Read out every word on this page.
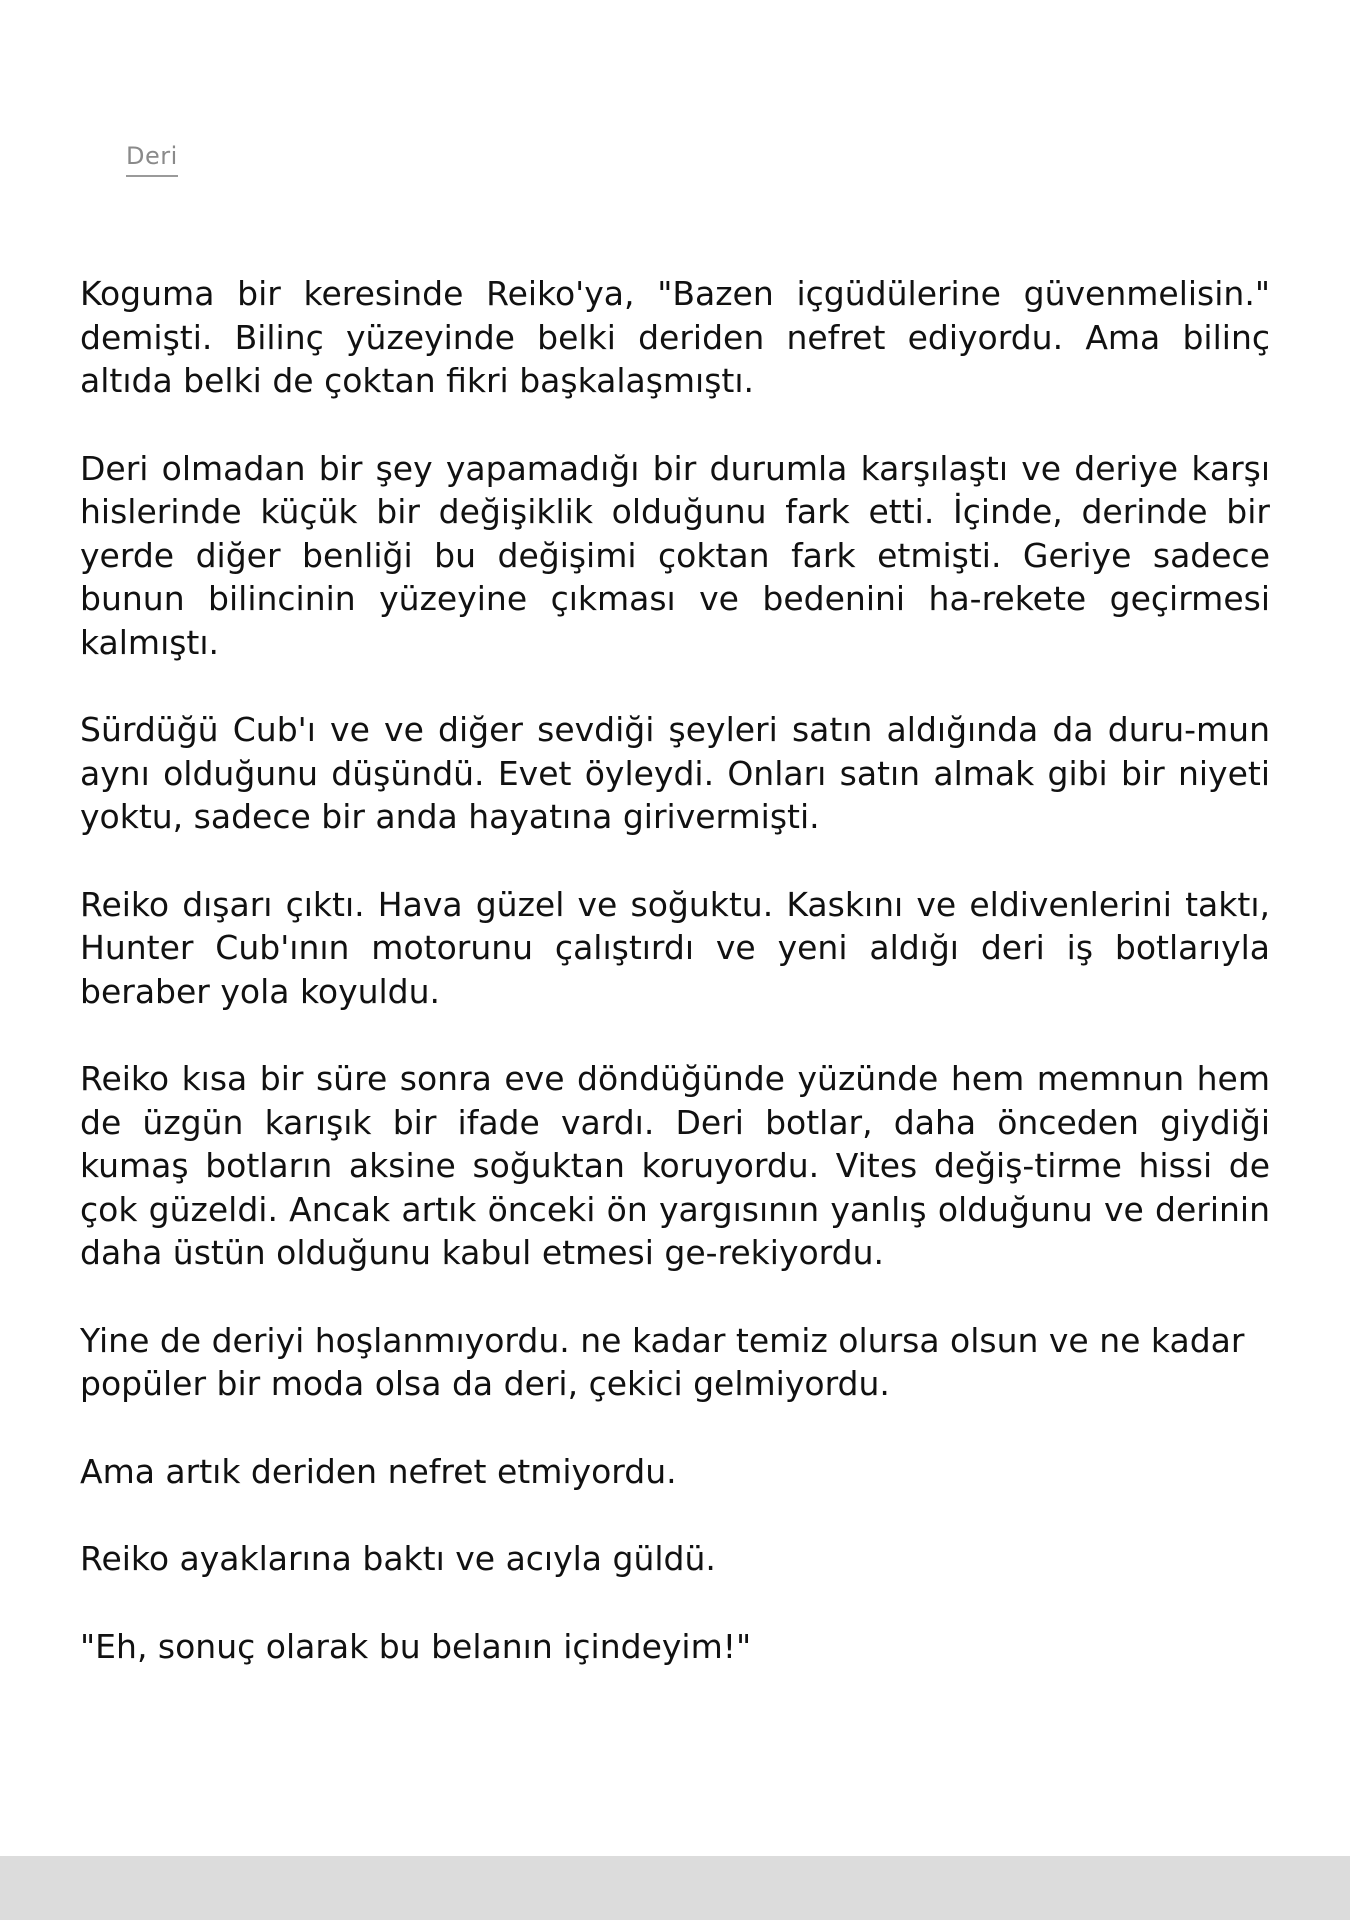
Deri

Koguma bir keresinde Reiko'ya, "Bazen içgüdülerine güvenmelisin." demişti. Bilinç yüzeyinde belki deriden nefret ediyordu. Ama bilinç altıda belki de çoktan fikri başkalaşmıştı.

Deri olmadan bir şey yapamadığı bir durumla karşılaştı ve deriye karşı hislerinde küçük bir değişiklik olduğunu fark etti. İçinde, derinde bir yerde diğer benliği bu değişimi çoktan fark etmişti. Geriye sadece bunun bilincinin yüzeyine çıkması ve bedenini ha-rekete geçirmesi kalmıştı.

Sürdüğü Cub'ı ve ve diğer sevdiği şeyleri satın aldığında da duru-mun aynı olduğunu düşündü. Evet öyleydi. Onları satın almak gibi bir niyeti yoktu, sadece bir anda hayatına girivermişti.

Reiko dışarı çıktı. Hava güzel ve soğuktu. Kaskını ve eldivenlerini taktı, Hunter Cub'ının motorunu çalıştırdı ve yeni aldığı deri iş botlarıyla beraber yola koyuldu.

Reiko kısa bir süre sonra eve döndüğünde yüzünde hem memnun hem de üzgün karışık bir ifade vardı. Deri botlar, daha önceden giydiği kumaş botların aksine soğuktan koruyordu. Vites değiş-tirme hissi de çok güzeldi. Ancak artık önceki ön yargısının yanlış olduğunu ve derinin daha üstün olduğunu kabul etmesi ge-rekiyordu.

Yine de deriyi hoşlanmıyordu. ne kadar temiz olursa olsun ve ne kadar popüler bir moda olsa da deri, çekici gelmiyordu.

Ama artık deriden nefret etmiyordu.

Reiko ayaklarına baktı ve acıyla güldü.

"Eh, sonuç olarak bu belanın içindeyim!"
